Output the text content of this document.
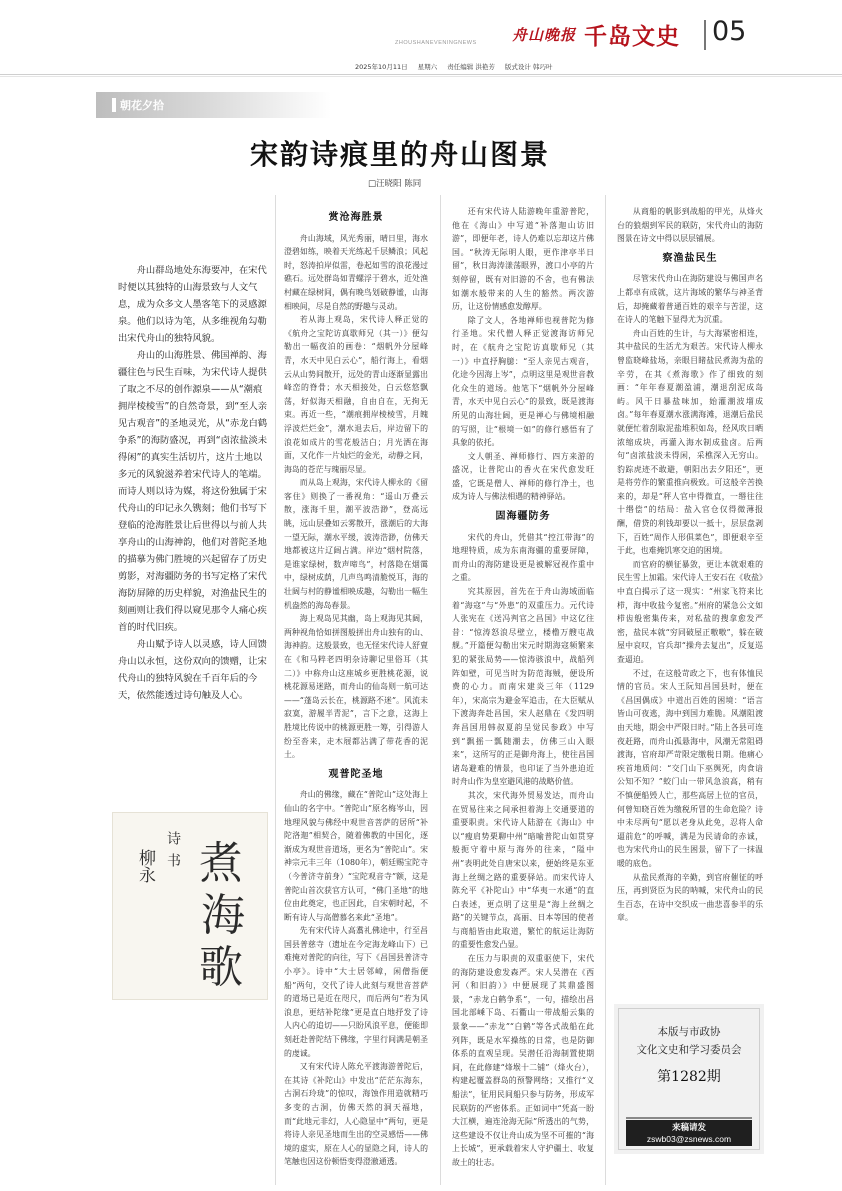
ZHOUSHANEVENINGNEWS 舟山晚报 千岛文史 05
2025年10月11日 星期六 责任编辑 洪艳芳 版式设计 韩巧叶
朝花夕拾
宋韵诗痕里的舟山图景
□汪晓阳 陈同

舟山群岛地处东海要冲，在宋代时便以其独特的山海景致与人文气息，成为众多文人墨客笔下的灵感源泉。他们以诗为笔，从多维视角勾勒出宋代舟山的独特风貌。

舟山的山海胜景、佛国禅韵、海疆往色与民生百味，为宋代诗人提供了取之不尽的创作源泉——从“潮痕拥岸棱棱雪”的自然奇景，到“至人亲见古观音”的圣地灵光，从“赤龙白鹤争系”的海防盛况，再到“卤浓盐淡未得闲”的真实生活切片，这片土地以多元的风貌滋养着宋代诗人的笔端。而诗人则以诗为媒，将这份独属于宋代舟山的印记永久镌刻；他们书写下登临的沧海胜景让后世得以与前人共享舟山的山海神韵，他们对普陀圣地的描摹为佛门胜境的兴起留存了历史剪影，对海疆防务的书写定格了宋代海防屏障的历史样貌，对渔盐民生的刻画则让我们得以窥见那令人痛心疾首的时代旧疾。

舟山赋予诗人以灵感，诗人回馈舟山以永恒，这份双向的馈赠，让宋代舟山的独特风貌在千百年后的今天，依然能透过诗句触及人心。

煮
海
歌
诗
书
柳永
赏沧海胜景

舟山海域，风光秀丽，晴日里，海水澄碧如练，映着天光练起千层鳞浪；风起时，怒涛拍岸似雷，卷起如雪的浪花漫过礁石。远处群岛如青螺浮于碧水，近处渔村藏在绿树间，偶有晚鸟划破静谧，山海相映间，尽是自然的野趣与灵动。

若从海上观岛，宋代诗人释正觉的《航舟之宝陀访真歇师兄（其一）》便勾勒出一幅夜泊的画卷：“烟帆外分屋峰青，水天中见白云心”，船行海上，看烟云从山势间散开，远处的青山逐渐显露出峰峦的脊骨；水天相接处，白云悠悠飘荡，好似海天相融，自由自在，无拘无束。再近一些，“潮痕拥岸棱棱雪，月魄浮波烂烂金”，潮水退去后，岸边留下的浪花如成片的雪花般洁白；月光洒在海面，又化作一片灿烂的金光，动静之间，海岛的苍茫与瑰丽尽显。

而从岛上观海，宋代诗人柳永的《留客住》则换了一番视角：“遥山万叠云散，涨海千里，潮平波浩渺”，登高远眺，远山层叠如云雾散开，涨潮后的大海一望无际，潮水平缓，波涛浩渺，仿佛天地都被这片辽阔占满。岸边“烟村院落，是谁家绿树，数声啼鸟”，村落隐在烟霭中，绿树成荫，几声鸟鸣清脆悦耳，海的壮阔与村的静谧相映成趣，勾勒出一幅生机盎然的海岛春景。

海上观岛见其幽，岛上观海见其阔，两种视角恰如拼图般拼出舟山独有的山、海神韵。这般景致，也无怪宋代诗人舒亶在《和马粹老四明杂诗聊记里俗耳（其二）》中称舟山这座城乡更胜桃花源，说桃花源易迷路，而舟山的仙岛则一航可达——“蓬岛云长在，桃源路不迷”。风流未寂寞，游履半青泥”，言下之意，这海上胜境比传说中的桃源更胜一筹，引得游人纷至沓来，走木屐都沾满了带花香的泥土。

观普陀圣地

舟山的佛缘，藏在“普陀山”这处海上仙山的名字中。“普陀山”原名梅岑山，因地理风貌与佛经中观世音菩萨的居所“补陀洛迦”相契合，随着佛教的中国化，逐渐成为观世音道场，更名为“普陀山”。宋神宗元丰三年（1080年），朝廷赐宝陀寺（今普济寺前身）“宝陀观音寺”额，这是普陀山首次获官方认可，“佛门圣地”的地位由此奠定，也正因此，自宋朝时起，不断有诗人与高僧慕名来此“圣地”。

先有宋代诗人高翥礼佛途中，行至昌国县普慈寺（遗址在今定海龙峰山下）已难掩对普陀的向往，写下《昌国县普济寺小亭》。诗中“大士居邻嶂，闲僧指便船”两句，交代了诗人此刻与观世音菩萨的道场已是近在咫尺，而后两句“若为风浪息，更结补陀缘”更是直白地抒发了诗人内心的追切——只盼风浪平息，便能即刻赶赴普陀结下佛缘，字里行间满是朝圣的虔诚。

又有宋代诗人陈允平渡海游普陀后，在其诗《补陀山》中发出“茫茫东海东，古洞石玲珑”的惊叹，海蚀作用造就精巧多变的古洞，仿佛天然的洞天福地，而“此地元非幻，人心隐显中”两句，更是将诗人亲见圣地而生出的空灵感悟——佛境的虚实，原在人心的显隐之间，诗人的笔触也因这份顿悟变得澄澈通透。

还有宋代诗人陆游晚年重游普陀，他在《海山》中写道“补落迦山访旧游”，即便年老，诗人仍难以忘却这片佛国。“秋涛无际明人眼，更作津亭半日留”，秋日海涛漾荡眼界，渡口小亭的片刻停留，既有对旧游的不舍，也有佛法如潮水般带来的人生的豁然。两次游历，让这份情感愈发醇厚。

除了文人，各地禅师也视普陀为修行圣地。宋代僧人释正觉渡海访师兄时，在《航舟之宝陀访真歇师兄（其一）》中直抒胸臆：“至人亲见古观音，化途今因海上岑”，点明这里是观世音教化众生的道场。他笔下“烟帆外分屋峰青，水天中见白云心”的景致，既是渡海所见的山海壮阔，更是禅心与佛境相融的写照，让“根境一如”的修行感悟有了具象的依托。

文人朝圣、禅师修行、四方来游的盛况，让普陀山的香火在宋代愈发旺盛，它既是僧人、禅师的修行净土，也成为诗人与佛法相遇的精神驿站。

固海疆防务

宋代的舟山，凭借其“控江带海”的地理特质，成为东南海疆的重要屏障，而舟山的海防建设更是被解冠视作重中之重。

究其原因，首先在于舟山海域面临着“海寇”与“外患”的双重压力。元代诗人张宪在《送冯判官之昌国》中这亿往昔：“惊涛怒浪尽壁立，楼橹万艘屯战舰。”开篇便勾勒出宋元时期海寇频繁来犯的紧张局势——惊涛骇浪中，战船列阵如壁，可见当时为防范海贼，便设所费的心力。而南宋建炎三年（1129年），宋高宗为避金军追击，在大臣赋从下渡海奔赴昌国，宋人赵鼎在《发四明奔昌国用韩叔夏韵呈觉民参政》中写到“飘摇一瓢随潮去，仿佛三山入眼来”，这所写的正是御舟海上，使往昌国诸岛避难的情景，也印证了当外患迫近时舟山作为皇室避风港的战略价值。

其次，宋代海外贸易发达，而舟山在贸易往来之间承担着海上交通要道的重要职责。宋代诗人陆游在《海山》中以“瘦肩势栗聊中州”暗喻普陀山如贯穿般扼守着中原与海外的往来，“隘中州”表明此处自唐宋以来，便始终是东亚海上丝绸之路的重要驿站。而宋代诗人陈允平《补陀山》中“华夷一水通”的直白表述，更点明了这里是“海上丝绸之路”的关键节点，高丽、日本等国的使者与商船皆由此取道，繁忙的航运让海防的重要性愈发凸显。

在压力与职责的双重驱使下，宋代的海防建设愈发森严。宋人吴潜在《西河（和旧韵）》中便展现了其鼎盛图景，“赤龙白鹤争系”，一句，描绘出昌国北部嵊下岛、石衢山一带战船云集的景象——“赤龙”“白鹤”等各式战船在此列阵，既是水军操练的日常，也是防御体系的直观呈现。吴潜任沿海制置使期间，在此修建“烽堠十二铺”（烽火台），构建起覆盖群岛的预警网络；又推行“义船法”，征用民间船只参与防务，形成军民联防的严密体系。正如词中“凭高一盼大江横，遍连沧海无际”所透出的气势，这些建设不仅让舟山成为坚不可摧的“海上长城”，更承载着宋人守护疆土、收复故土的壮志。

从商船的帆影到战船的甲光，从烽火台的狼烟到军民的联防，宋代舟山的海防图景在诗文中得以层层铺展。

察渔盐民生

尽管宋代舟山在海防建设与佛国声名上都卓有成就，这片海域的繁华与神圣背后，却掩藏着普通百姓的艰辛与苦涩，这在诗人的笔触下显得尤为沉重。

舟山百姓的生计，与大海紧密相连，其中盐民的生活尤为艰苦。宋代诗人柳永曾监晓峰盐场，亲眼目睹盐民煮海为盐的辛劳，在其《煮海歌》作了细致的刻画：“年年春夏潮盈浦，潮退刮泥成岛屿。风干日暴盐味加，始灌潮波塯成卤。”每年春夏潮水涨满海滩，退潮后盐民就便忙着刮取泥盐堆积如岛，经风吹日晒浓缩成块，再灌入海水制成盐卤。后两句“卤浓盐淡未得闲，采樵深入无穷山。豹踪虎迹不敢避，朝阳出去夕阳还”，更是将劳作的繁重推向极致。可这般辛苦换来的，却是“秤人官中得微直，一缗往往十缗偿”的结局：盐入官仓仅得微薄报酬，借贷的利钱却要以一抵十，层层盘剥下，百姓“周作人形俱菜色”，即便艰辛至于此，也难掩饥寒交迫的困境。

而官府的横征暴敛，更让本就艰难的民生雪上加霜。宋代诗人王安石在《收盐》中直白揭示了这一现实：“州家飞符来比栉，海中收盐今复密。”州府的紧急公文如栉齿般密集传来，对私盐的搜拿愈发严密，盐民本就“穷同破屋正嗷嗷”，躲在破屋中哀叹，官兵却“操舟去复出”，反复巡查逼迫。

不过，在这般苛政之下，也有体恤民情的官员。宋人王阮知昌国县时，便在《昌国偶成》中道出百姓的困境：“语言皆山可夜逃，海中到国力难脆。风潮阻渡由天地，期会中严限日时。”陆上各县可连夜赶路，而舟山孤悬海中，风潮无常阻碍渡海，官府却严苛限定缴税日期。他痛心疾首地质问：“交门山下巫舆死，肉食谙公知不知？”蛟门山一带风急浪高，稍有不慎便船毁人亡，那些高居上位的官员，何曾知晓百姓为缴税所冒的生命危险？诗中未尽两句“愿以老身从此免，忍将人命逼前危”的呼喊，满是为民请命的赤诚，也为宋代舟山的民生困景，留下了一抹温暖的底色。

从盐民煮海的辛勤，到官府催征的呼压，再到贤臣为民的呐喊，宋代舟山的民生百态，在诗中交织成一曲悲喜参半的乐章。

本版与市政协
文化文史和学习委员会
第1282期
来稿请发
zswb03@zsnews.com
